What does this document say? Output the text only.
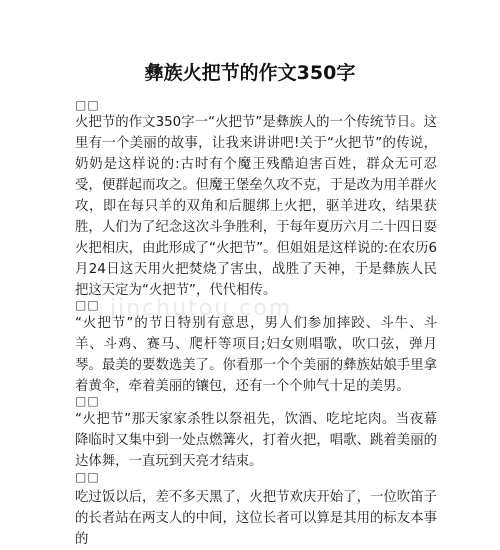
彝族火把节的作文350字
□□
火把节的作文350字一“火把节”是彝族人的一个传统节日。这里有一个美丽的故事，让我来讲讲吧!关于“火把节”的传说，奶奶是这样说的:古时有个魔王残酷迫害百姓，群众无可忍受，便群起而攻之。但魔王堡垒久攻不克，于是改为用羊群火攻，即在每只羊的双角和后腿绑上火把，驱羊进攻，结果获胜，人们为了纪念这次斗争胜利，于每年夏历六月二十四日耍火把相庆，由此形成了“火把节”。但姐姐是这样说的:在农历6月24日这天用火把焚烧了害虫，战胜了天神，于是彝族人民把这天定为“火把节”，代代相传。
□□
“火把节”的节日特别有意思，男人们参加摔跤、斗牛、斗羊、斗鸡、赛马、爬杆等项目;妇女则唱歌，吹口弦，弹月琴。最美的要数选美了。你看那一个个美丽的彝族姑娘手里拿着黄伞，牵着美丽的镶包，还有一个个帅气十足的美男。
□□
“火把节”那天家家杀牲以祭祖先，饮酒、吃坨坨肉。当夜幕降临时又集中到一处点燃篝火，打着火把，唱歌、跳着美丽的达体舞，一直玩到天亮才结束。
□□
吃过饭以后，差不多天黑了，火把节欢庆开始了，一位吹笛子的长者站在两支人的中间，这位长者可以算是其用的标友本事的
jinchutou.com
